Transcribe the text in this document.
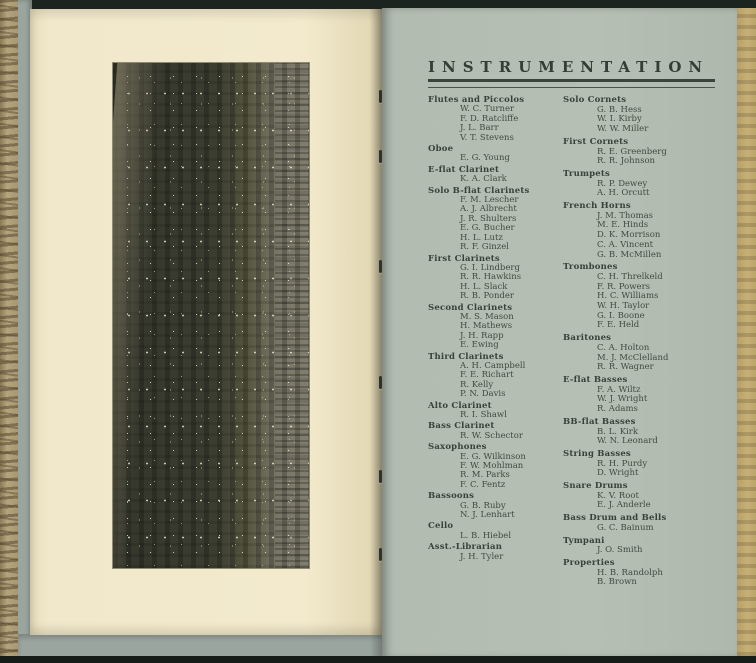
INSTRUMENTATION
Flutes and Piccolos
W. C. Turner
F. D. Ratcliffe
J. L. Barr
V. T. Stevens
Oboe
E. G. Young
E-flat Clarinet
K. A. Clark
Solo B-flat Clarinets
F. M. Lescher
A. J. Albrecht
J. R. Shulters
E. G. Bucher
H. L. Lutz
R. F. Ginzel
First Clarinets
G. I. Lindberg
R. R. Hawkins
H. L. Slack
R. B. Ponder
Second Clarinets
M. S. Mason
H. Mathews
J. H. Rapp
E. Ewing
Third Clarinets
A. H. Campbell
F. E. Richart
R. Kelly
P. N. Davis
Alto Clarinet
R. I. Shawl
Bass Clarinet
R. W. Schector
Saxophones
E. G. Wilkinson
F. W. Mohlman
R. M. Parks
F. C. Fentz
Bassoons
G. B. Ruby
N. J. Lenhart
Cello
L. B. Hiebel
Asst.-Librarian
J. H. Tyler
Solo Cornets
G. B. Hess
W. I. Kirby
W. W. Miller
First Cornets
R. E. Greenberg
R. R. Johnson
Trumpets
R. P. Dewey
A. H. Orcutt
French Horns
J. M. Thomas
M. E. Hinds
D. K. Morrison
C. A. Vincent
G. B. McMillen
Trombones
C. H. Threlkeld
F. R. Powers
H. C. Williams
W. H. Taylor
G. I. Boone
F. E. Held
Baritones
C. A. Holton
M. J. McClelland
R. R. Wagner
E-flat Basses
F. A. Wiltz
W. J. Wright
R. Adams
BB-flat Basses
B. L. Kirk
W. N. Leonard
String Basses
R. H. Purdy
D. Wright
Snare Drums
K. V. Root
E. J. Anderle
Bass Drum and Bells
G. C. Bainum
Tympani
J. O. Smith
Properties
H. B. Randolph
B. Brown
